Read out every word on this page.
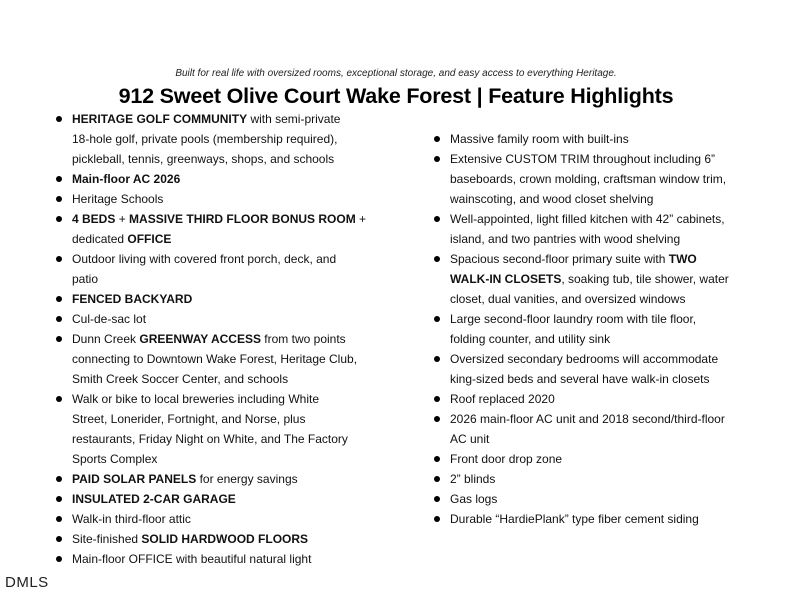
Built for real life with oversized rooms, exceptional storage, and easy access to everything Heritage.
912 Sweet Olive Court Wake Forest | Feature Highlights
HERITAGE GOLF COMMUNITY with semi-private
18-hole golf, private pools (membership required),
pickleball, tennis, greenways, shops, and schools
Main-floor AC 2026
Heritage Schools
4 BEDS + MASSIVE THIRD FLOOR BONUS ROOM +
dedicated OFFICE
Outdoor living with covered front porch, deck, and
patio
FENCED BACKYARD
Cul-de-sac lot
Dunn Creek GREENWAY ACCESS from two points
connecting to Downtown Wake Forest, Heritage Club,
Smith Creek Soccer Center, and schools
Walk or bike to local breweries including White
Street, Lonerider, Fortnight, and Norse, plus
restaurants, Friday Night on White, and The Factory
Sports Complex
PAID SOLAR PANELS for energy savings
INSULATED 2-CAR GARAGE
Walk-in third-floor attic
Site-finished SOLID HARDWOOD FLOORS
Main-floor OFFICE with beautiful natural light
Massive family room with built-ins
Extensive CUSTOM TRIM throughout including 6”
baseboards, crown molding, craftsman window trim,
wainscoting, and wood closet shelving
Well-appointed, light filled kitchen with 42” cabinets,
island, and two pantries with wood shelving
Spacious second-floor primary suite with TWO
WALK-IN CLOSETS, soaking tub, tile shower, water
closet, dual vanities, and oversized windows
Large second-floor laundry room with tile floor,
folding counter, and utility sink
Oversized secondary bedrooms will accommodate
king-sized beds and several have walk-in closets
Roof replaced 2020
2026 main-floor AC unit and 2018 second/third-floor
AC unit
Front door drop zone
2” blinds
Gas logs
Durable “HardiePlank” type fiber cement siding
DMLS
